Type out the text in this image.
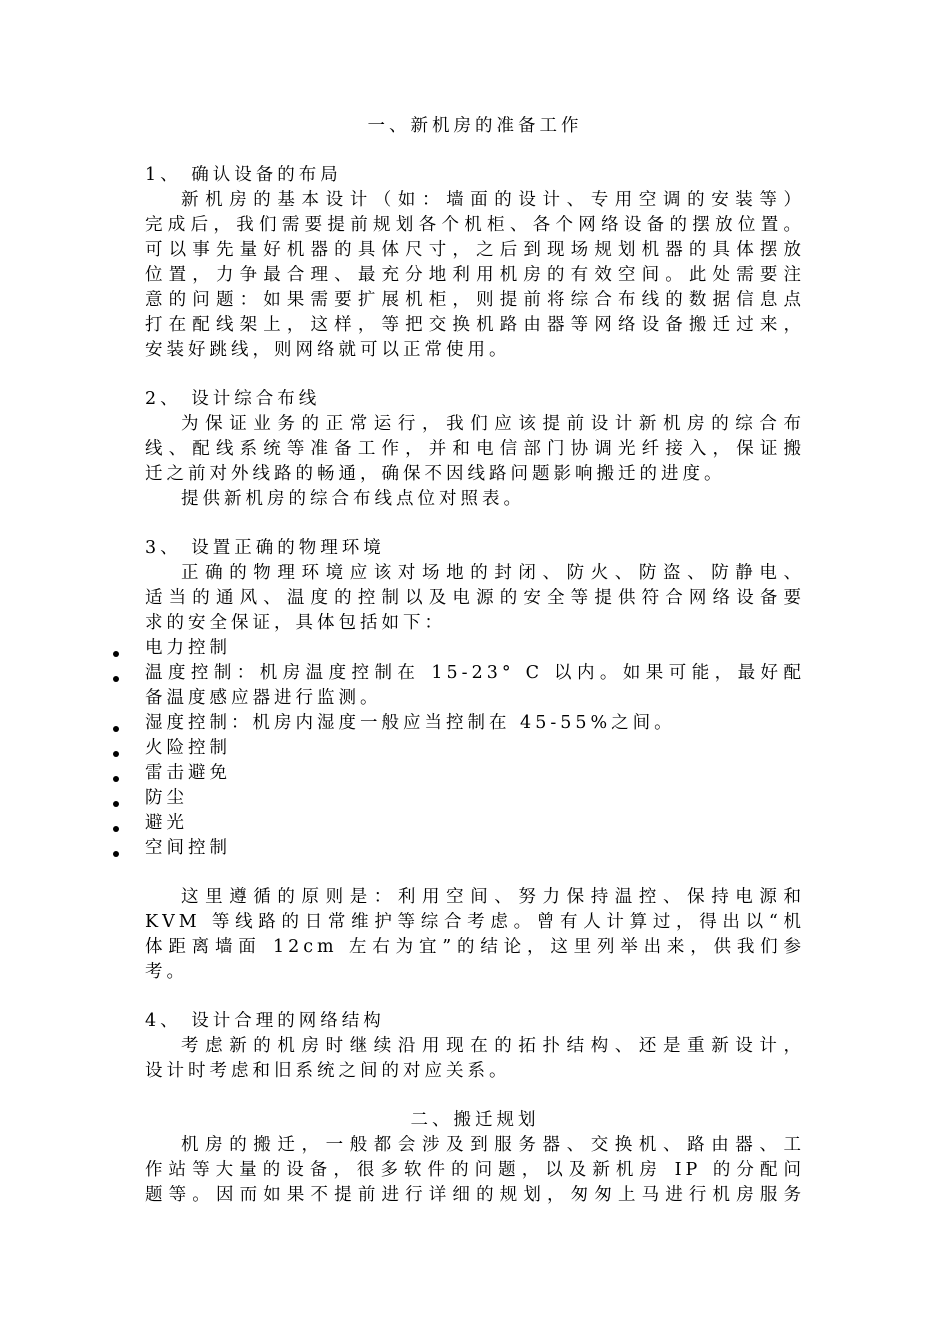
一、新机房的准备工作
1、 确认设备的布局
新机房的基本设计（如：墙面的设计、专用空调的安装等）
完成后，我们需要提前规划各个机柜、各个网络设备的摆放位置。
可以事先量好机器的具体尺寸，之后到现场规划机器的具体摆放
位置，力争最合理、最充分地利用机房的有效空间。此处需要注
意的问题：如果需要扩展机柜，则提前将综合布线的数据信息点
打在配线架上，这样，等把交换机路由器等网络设备搬迁过来，
安装好跳线，则网络就可以正常使用。
2、 设计综合布线
为保证业务的正常运行，我们应该提前设计新机房的综合布
线、配线系统等准备工作，并和电信部门协调光纤接入，保证搬
迁之前对外线路的畅通，确保不因线路问题影响搬迁的进度。
提供新机房的综合布线点位对照表。
3、 设置正确的物理环境
正确的物理环境应该对场地的封闭、防火、防盗、防静电、
适当的通风、温度的控制以及电源的安全等提供符合网络设备要
求的安全保证，具体包括如下：
电力控制
温度控制：机房温度控制在 15-23° C 以内。如果可能，最好配
备温度感应器进行监测。
湿度控制：机房内湿度一般应当控制在 45-55%之间。
火险控制
雷击避免
防尘
避光
空间控制
这里遵循的原则是：利用空间、努力保持温控、保持电源和
KVM 等线路的日常维护等综合考虑。曾有人计算过，得出以“机
体距离墙面 12cm 左右为宜”的结论，这里列举出来，供我们参
考。
4、 设计合理的网络结构
考虑新的机房时继续沿用现在的拓扑结构、还是重新设计，
设计时考虑和旧系统之间的对应关系。
二、搬迁规划
机房的搬迁，一般都会涉及到服务器、交换机、路由器、工
作站等大量的设备，很多软件的问题，以及新机房 IP 的分配问
题等。因而如果不提前进行详细的规划，匆匆上马进行机房服务
